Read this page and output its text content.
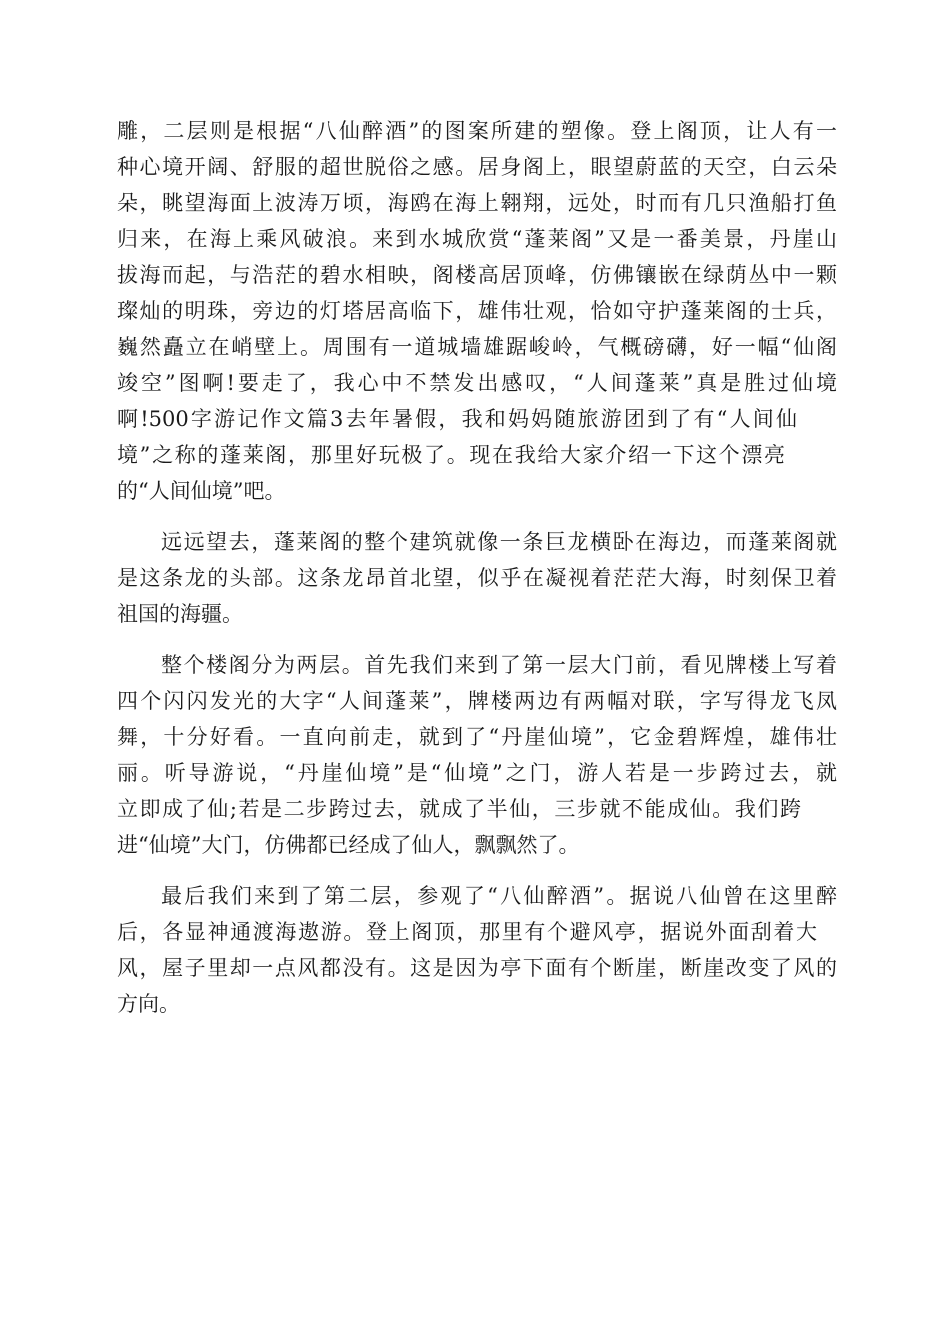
雕，二层则是根据“八仙醉酒”的图案所建的塑像。登上阁顶，让人有一
种心境开阔、舒服的超世脱俗之感。居身阁上，眼望蔚蓝的天空，白云朵
朵，眺望海面上波涛万顷，海鸥在海上翱翔，远处，时而有几只渔船打鱼
归来，在海上乘风破浪。来到水城欣赏“蓬莱阁”又是一番美景，丹崖山
拔海而起，与浩茫的碧水相映，阁楼高居顶峰，仿佛镶嵌在绿荫丛中一颗
璨灿的明珠，旁边的灯塔居高临下，雄伟壮观，恰如守护蓬莱阁的士兵，
巍然矗立在峭壁上。周围有一道城墙雄踞峻岭，气概磅礴，好一幅“仙阁
竣空”图啊!要走了，我心中不禁发出感叹，“人间蓬莱”真是胜过仙境
啊!500字游记作文篇3去年暑假，我和妈妈随旅游团到了有“人间仙
境”之称的蓬莱阁，那里好玩极了。现在我给大家介绍一下这个漂亮
的“人间仙境”吧。
远远望去，蓬莱阁的整个建筑就像一条巨龙横卧在海边，而蓬莱阁就
是这条龙的头部。这条龙昂首北望，似乎在凝视着茫茫大海，时刻保卫着
祖国的海疆。
整个楼阁分为两层。首先我们来到了第一层大门前，看见牌楼上写着
四个闪闪发光的大字“人间蓬莱”，牌楼两边有两幅对联，字写得龙飞凤
舞，十分好看。一直向前走，就到了“丹崖仙境”，它金碧辉煌，雄伟壮
丽。听导游说，“丹崖仙境”是“仙境”之门，游人若是一步跨过去，就
立即成了仙;若是二步跨过去，就成了半仙，三步就不能成仙。我们跨
进“仙境”大门，仿佛都已经成了仙人，飘飘然了。
最后我们来到了第二层，参观了“八仙醉酒”。据说八仙曾在这里醉
后，各显神通渡海遨游。登上阁顶，那里有个避风亭，据说外面刮着大
风，屋子里却一点风都没有。这是因为亭下面有个断崖，断崖改变了风的
方向。
